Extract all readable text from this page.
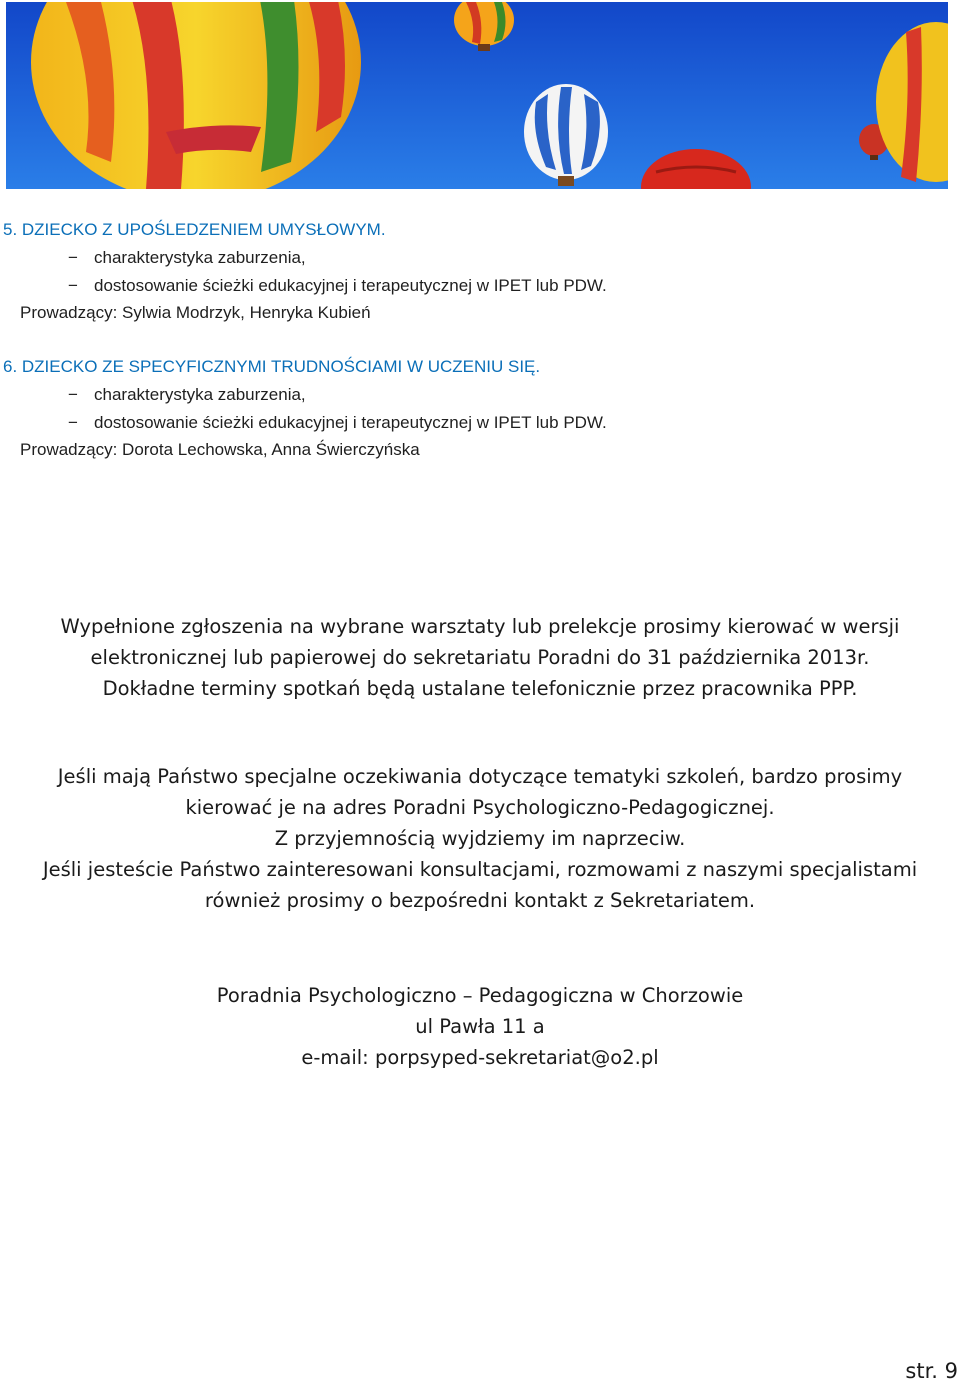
5. DZIECKO Z UPOŚLEDZENIEM UMYSŁOWYM.
− charakterystyka zaburzenia,
− dostosowanie ścieżki edukacyjnej i terapeutycznej w IPET lub PDW.
Prowadzący: Sylwia Modrzyk, Henryka Kubień
6. DZIECKO ZE SPECYFICZNYMI TRUDNOŚCIAMI W UCZENIU SIĘ.
− charakterystyka zaburzenia,
− dostosowanie ścieżki edukacyjnej i terapeutycznej w IPET lub PDW.
Prowadzący: Dorota Lechowska, Anna Świerczyńska
Wypełnione zgłoszenia na wybrane warsztaty lub prelekcje prosimy kierować w wersji
elektronicznej lub papierowej do sekretariatu Poradni do 31 października 2013r.
Dokładne terminy spotkań będą ustalane telefonicznie przez pracownika PPP.
Jeśli mają Państwo specjalne oczekiwania dotyczące tematyki szkoleń, bardzo prosimy
kierować je na adres Poradni Psychologiczno-Pedagogicznej.
Z przyjemnością wyjdziemy im naprzeciw.
Jeśli jesteście Państwo zainteresowani konsultacjami, rozmowami z naszymi specjalistami
również prosimy o bezpośredni kontakt z Sekretariatem.
Poradnia Psychologiczno – Pedagogiczna w Chorzowie
ul Pawła 11 a
e-mail: porpsyped-sekretariat@o2.pl
str. 9
